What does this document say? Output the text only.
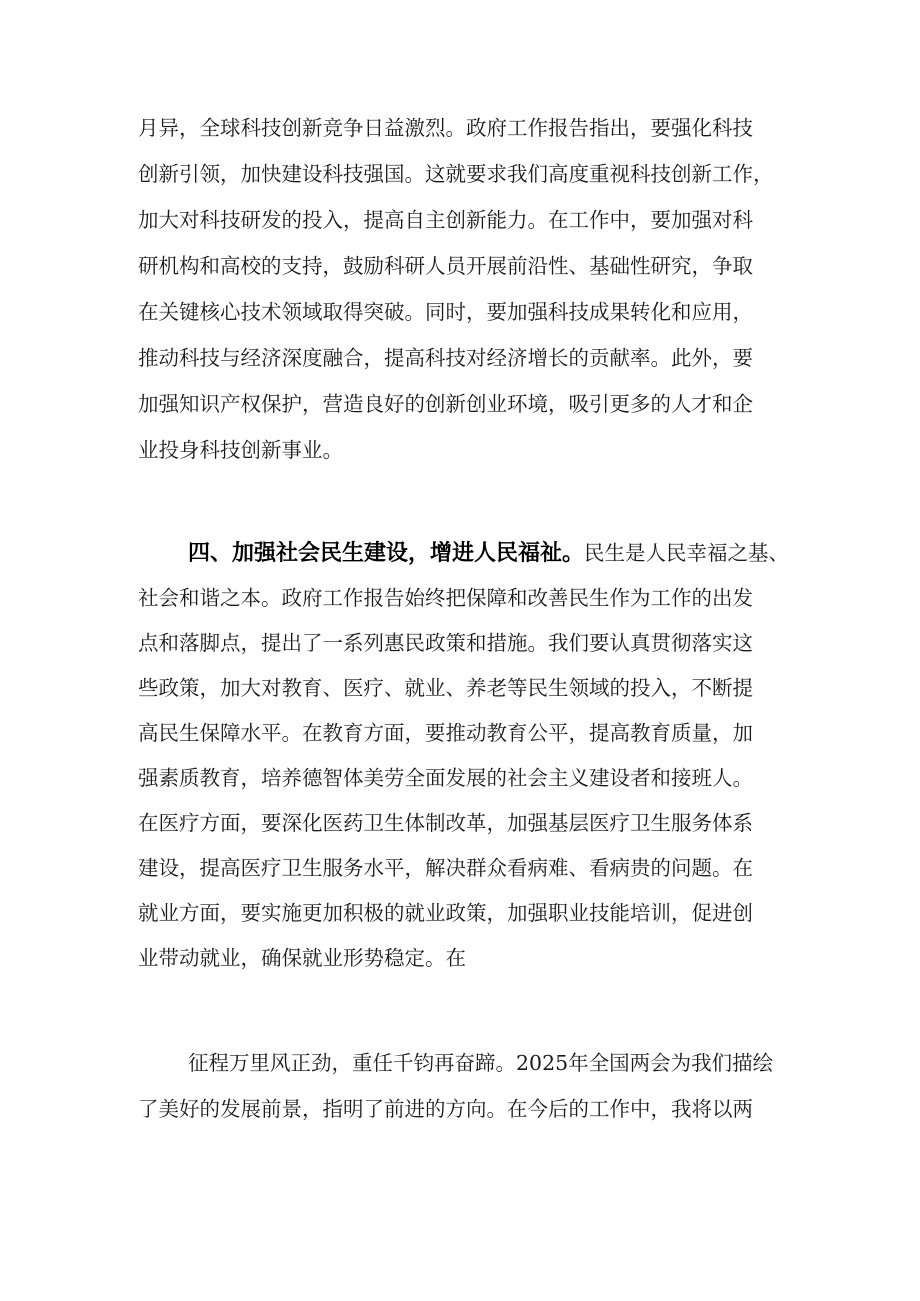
月异，全球科技创新竞争日益激烈。政府工作报告指出，要强化科技
创新引领，加快建设科技强国。这就要求我们高度重视科技创新工作，
加大对科技研发的投入，提高自主创新能力。在工作中，要加强对科
研机构和高校的支持，鼓励科研人员开展前沿性、基础性研究，争取
在关键核心技术领域取得突破。同时，要加强科技成果转化和应用，
推动科技与经济深度融合，提高科技对经济增长的贡献率。此外，要
加强知识产权保护，营造良好的创新创业环境，吸引更多的人才和企
业投身科技创新事业。
四、加强社会民生建设，增进人民福祉。民生是人民幸福之基、
社会和谐之本。政府工作报告始终把保障和改善民生作为工作的出发
点和落脚点，提出了一系列惠民政策和措施。我们要认真贯彻落实这
些政策，加大对教育、医疗、就业、养老等民生领域的投入，不断提
高民生保障水平。在教育方面，要推动教育公平，提高教育质量，加
强素质教育，培养德智体美劳全面发展的社会主义建设者和接班人。
在医疗方面，要深化医药卫生体制改革，加强基层医疗卫生服务体系
建设，提高医疗卫生服务水平，解决群众看病难、看病贵的问题。在
就业方面，要实施更加积极的就业政策，加强职业技能培训，促进创
业带动就业，确保就业形势稳定。在
征程万里风正劲，重任千钧再奋蹄。2025年全国两会为我们描绘
了美好的发展前景，指明了前进的方向。在今后的工作中，我将以两
